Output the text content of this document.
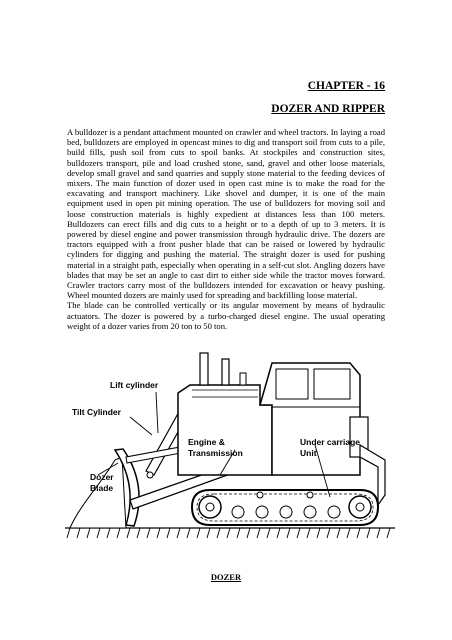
CHAPTER - 16
DOZER AND RIPPER

A bulldozer is a pendant attachment mounted on crawler and wheel tractors. In laying a road bed, bulldozers are employed in opencast mines to dig and transport soil from cuts to a pile, build fills, push soil from cuts to spoil banks. At stockpiles and construction sites, bulldozers transport, pile and load crushed stone, sand, gravel and other loose materials, develop small gravel and sand quarries and supply stone material to the feeding devices of mixers. The main function of dozer used in open cast mine is to make the road for the excavating and transport machinery. Like shovel and dumper, it is one of the main equipment used in open pit mining operation. The use of bulldozers for moving soil and loose construction materials is highly expedient at distances less than 100 meters. Bulldozers can erect fills and dig cuts to a height or to a depth of up to 3 meters. It is powered by diesel engine and power transmission through hydraulic drive. The dozers are tractors equipped with a front pusher blade that can be raised or lowered by hydraulic cylinders for digging and pushing the material. The straight dozer is used for pushing material in a straight path, especially when operating in a self-cut slot. Angling dozers have blades that may be set an angle to cast dirt to either side while the tractor moves forward. Crawler tractors carry most of the bulldozers intended for excavation or heavy pushing. Wheel mounted dozers are mainly used for spreading and backfilling loose material.

The blade can be controlled vertically or its angular movement by means of hydraulic actuators. The dozer is powered by a turbo-charged diesel engine. The usual operating weight of a dozer varies from 20 ton to 50 ton.

Lift cylinder
Tilt Cylinder
Engine &
Transmission
Under carriage
Unit
Dozer
Blade
DOZER
